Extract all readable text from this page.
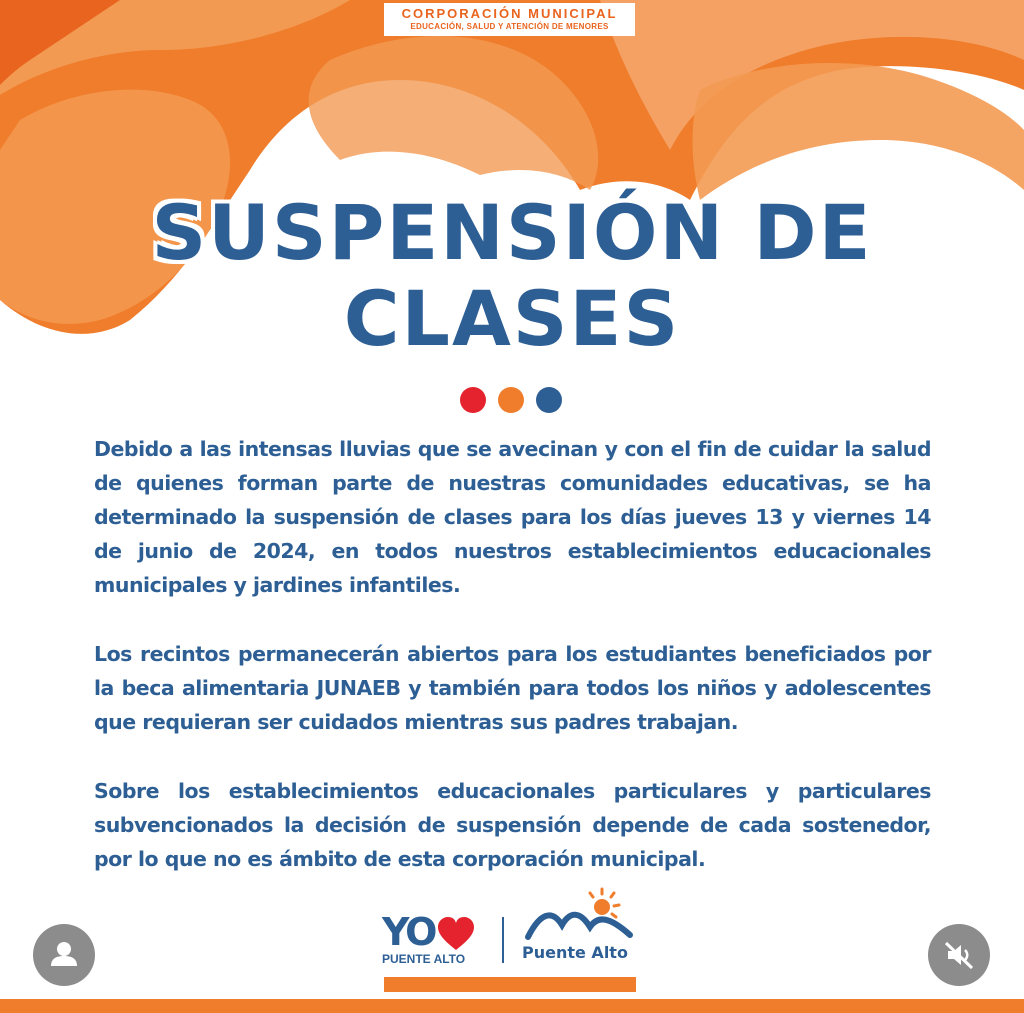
CORPORACIÓN MUNICIPAL
EDUCACIÓN, SALUD Y ATENCIÓN DE MENORES
SUSPENSIÓN DE
CLASES

Debido a las intensas lluvias que se avecinan y con el fin de cuidar la salud de quienes forman parte de nuestras comunidades educativas, se ha determinado la suspensión de clases para los días jueves 13 y viernes 14 de junio de 2024, en todos nuestros establecimientos educacionales municipales y jardines infantiles.

Los recintos permanecerán abiertos para los estudiantes beneficiados por la beca alimentaria JUNAEB y también para todos los niños y adolescentes que requieran ser cuidados mientras sus padres trabajan.

Sobre los establecimientos educacionales particulares y particulares subvencionados la decisión de suspensión depende de cada sostenedor, por lo que no es ámbito de esta corporación municipal.

YO
PUENTE ALTO	Puente Alto
